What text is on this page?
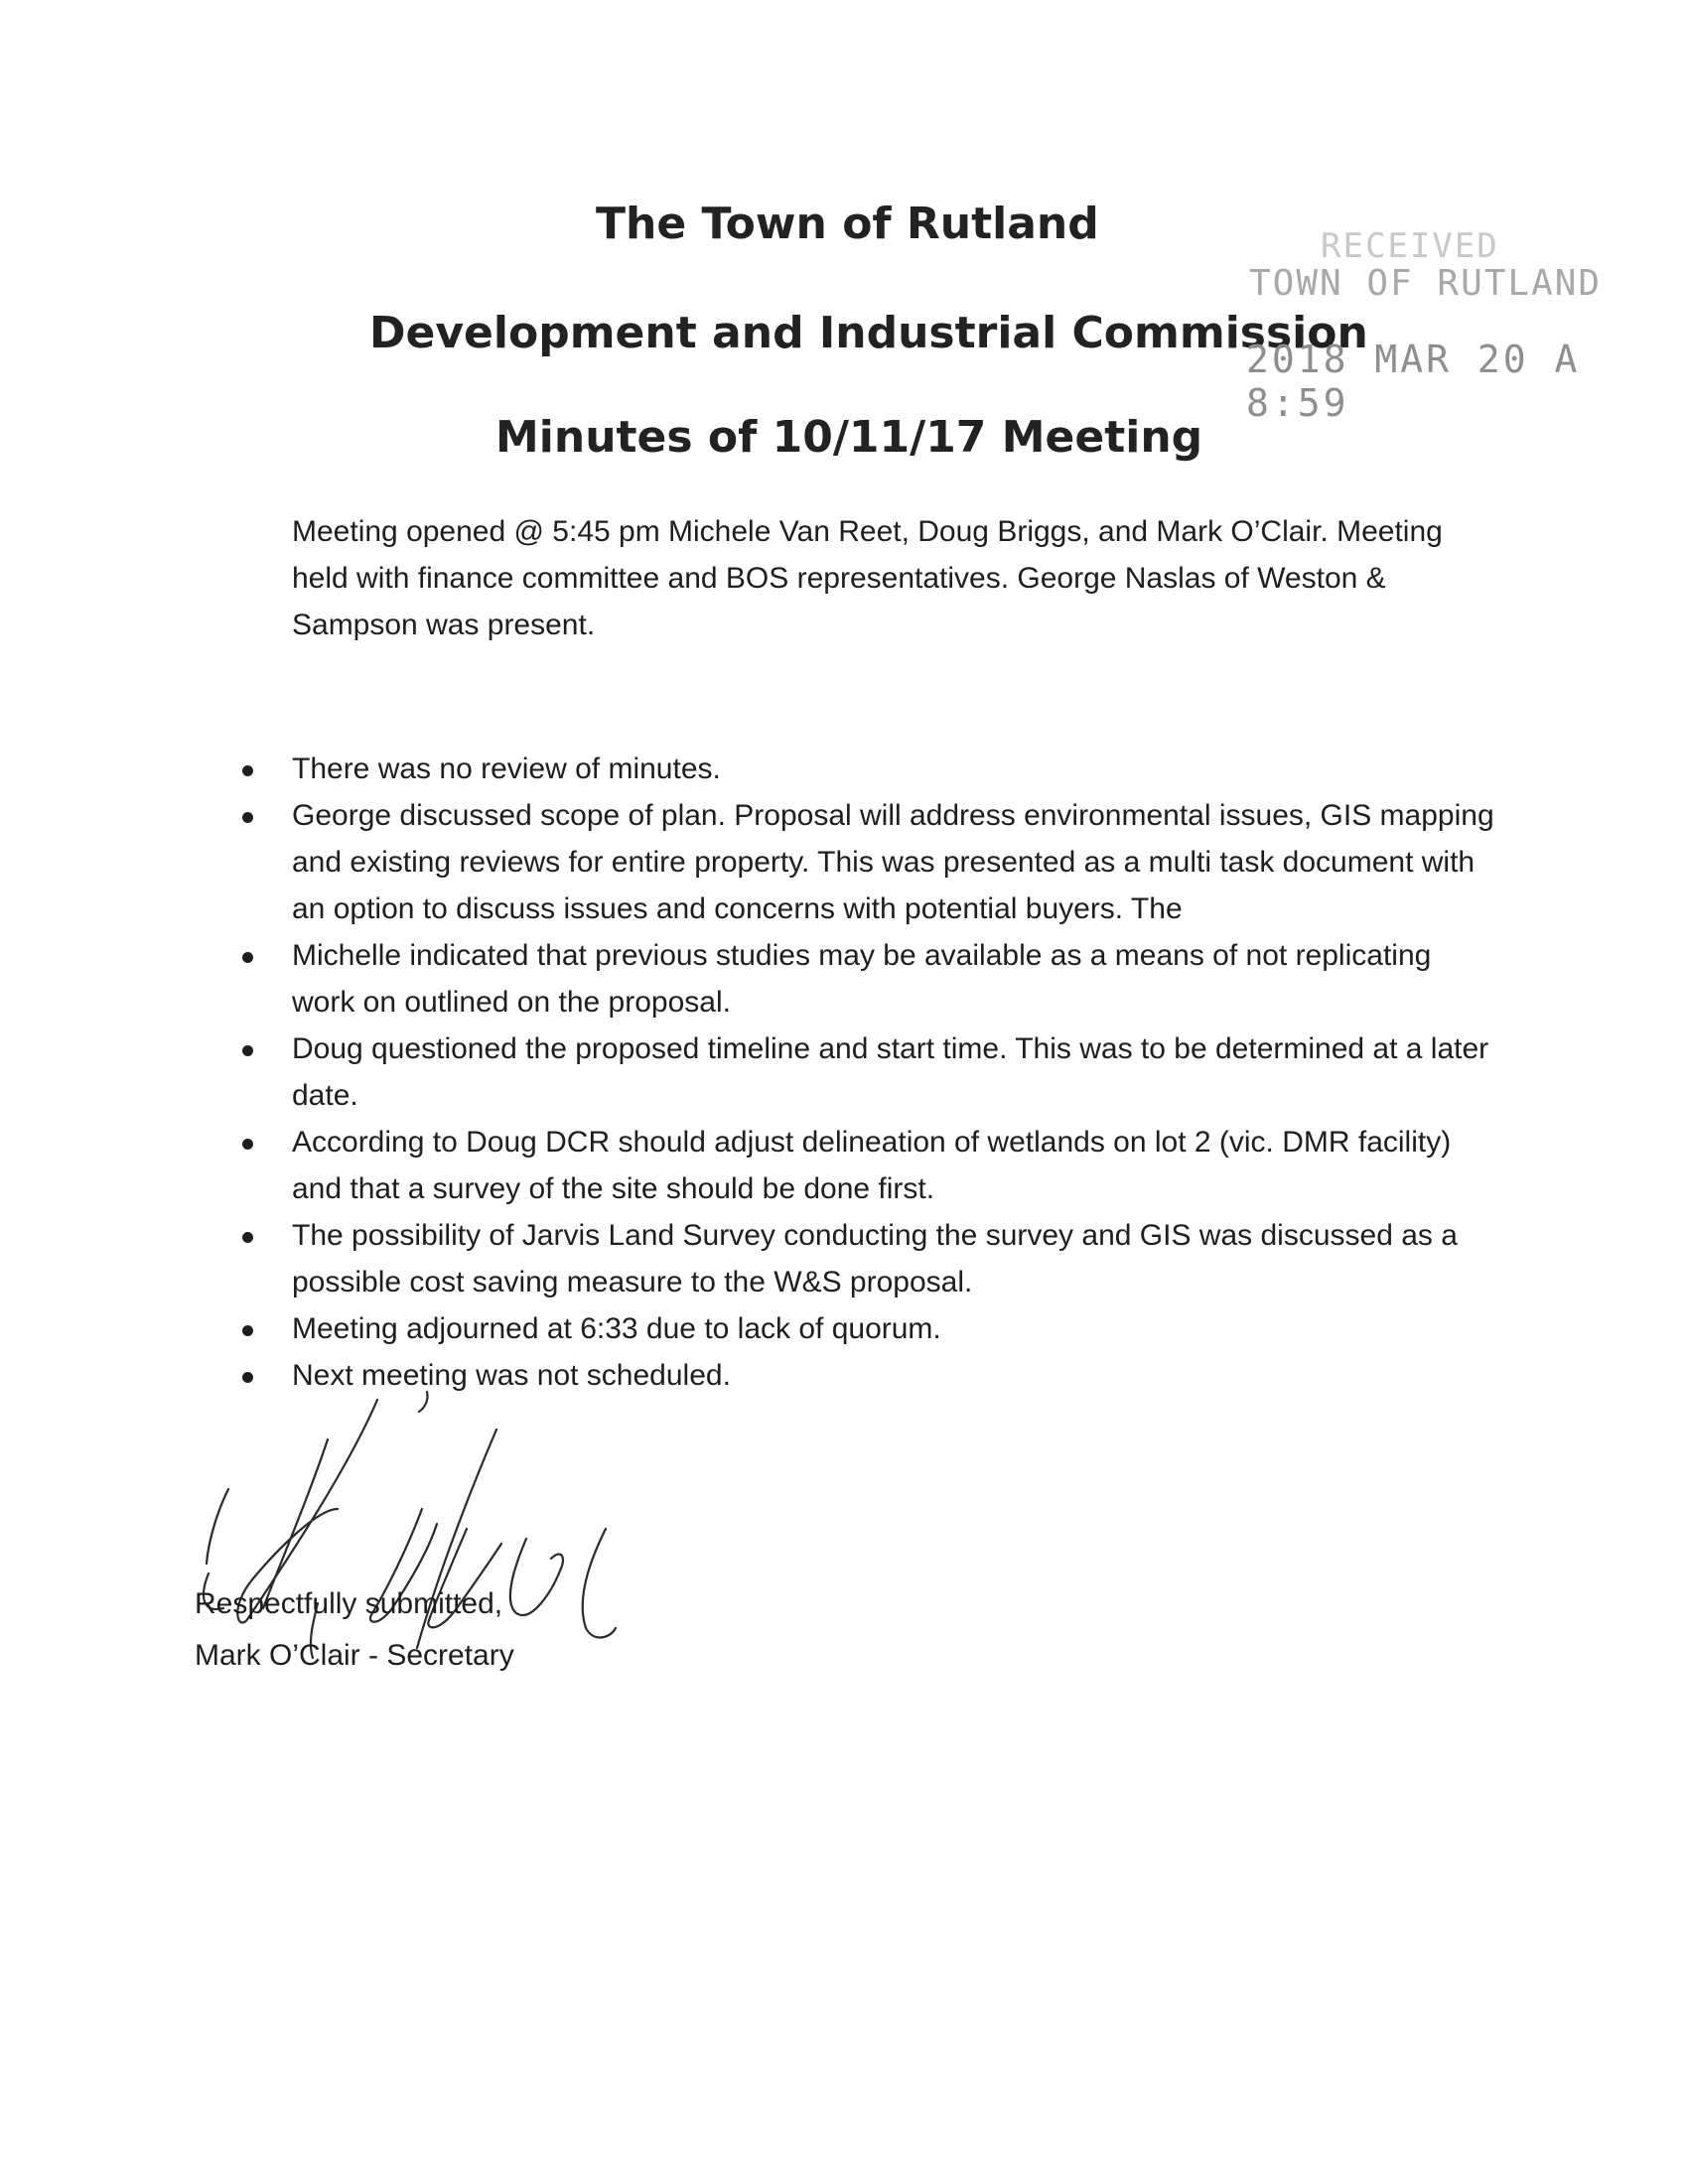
The Town of Rutland
Development and Industrial Commission
Minutes of 10/11/17 Meeting
RECEIVED
TOWN OF RUTLAND
2018 MAR 20 A 8:59
Meeting opened @ 5:45 pm Michele Van Reet, Doug Briggs, and Mark O’Clair. Meeting held with finance committee and BOS representatives. George Naslas of Weston & Sampson was present.
There was no review of minutes.
George discussed scope of plan. Proposal will address environmental issues, GIS mapping and existing reviews for entire property. This was presented as a multi task document with an option to discuss issues and concerns with potential buyers. The
Michelle indicated that previous studies may be available as a means of not replicating work on outlined on the proposal.
Doug questioned the proposed timeline and start time. This was to be determined at a later date.
According to Doug DCR should adjust delineation of wetlands on lot 2 (vic. DMR facility) and that a survey of the site should be done first.
The possibility of Jarvis Land Survey conducting the survey and GIS was discussed as a possible cost saving measure to the W&S proposal.
Meeting adjourned at 6:33 due to lack of quorum.
Next meeting was not scheduled.
Respectfully submitted,
Mark O’Clair - Secretary
